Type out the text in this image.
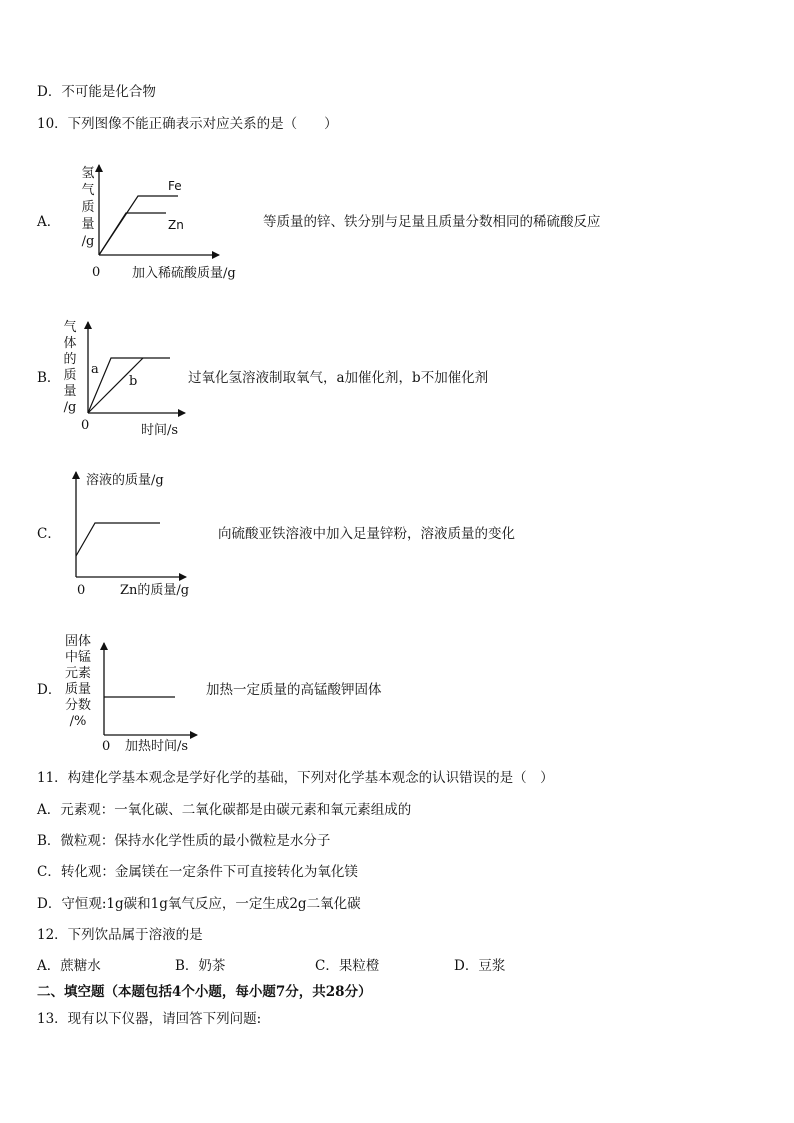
D．不可能是化合物
10．下列图像不能正确表示对应关系的是（　　）
A．
氢
气
质
量
/g
0 加入稀硫酸质量/g
Fe
Zn	等质量的锌、铁分别与足量且质量分数相同的稀硫酸反应
B．
气
体
的
质
量
/g
0	时间/s
a
b	过氧化氢溶液制取氧气，a加催化剂，b不加催化剂
C．
溶液的质量/g
0	Zn的质量/g
向硫酸亚铁溶液中加入足量锌粉，溶液质量的变化
D．
固体
中锰
元素
质量
分数
/%
0 加热时间/s
加热一定质量的高锰酸钾固体
11．构建化学基本观念是学好化学的基础，下列对化学基本观念的认识错误的是（　）
A．元素观：一氧化碳、二氧化碳都是由碳元素和氧元素组成的
B．微粒观：保持水化学性质的最小微粒是水分子
C．转化观：金属镁在一定条件下可直接转化为氧化镁
D．守恒观:1g碳和1g氧气反应，一定生成2g二氧化碳
12．下列饮品属于溶液的是
A．蔗糖水	B．奶茶	C．果粒橙	D．豆浆
二、填空题（本题包括4个小题，每小题7分，共28分）
13．现有以下仪器，请回答下列问题:
